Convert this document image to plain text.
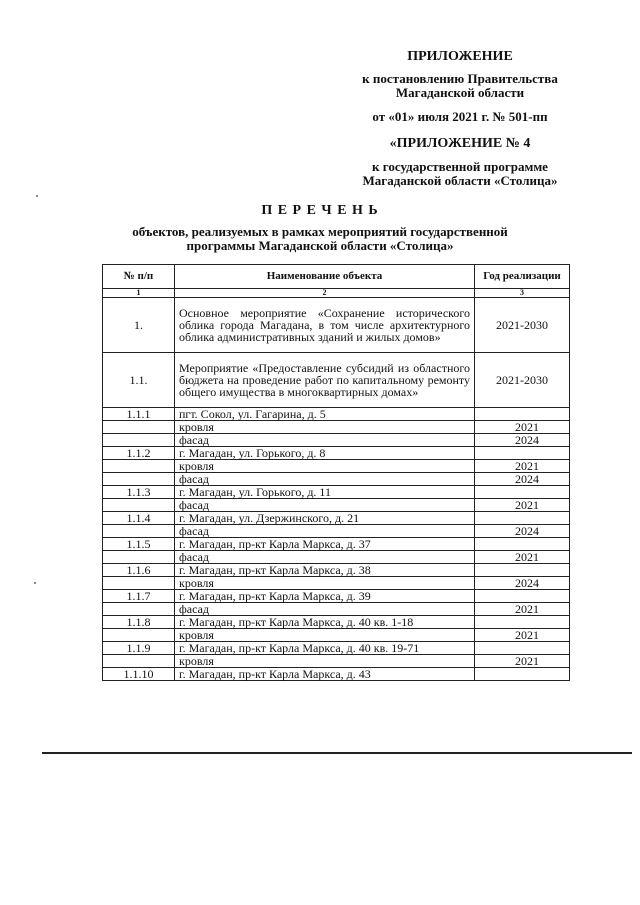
ПРИЛОЖЕНИЕ
к постановлению Правительства
Магаданской области
от «01» июля 2021 г. № 501-пп
«ПРИЛОЖЕНИЕ № 4
к государственной программе
Магаданской области «Столица»
П Е Р Е Ч Е Н Ь
объектов, реализуемых в рамках мероприятий государственной
программы Магаданской области «Столица»
№ п/п	Наименование объекта	Год реализации
1	2	3
1.	Основное мероприятие «Сохранение исторического облика города Магадана, в том числе архитектурного облика административных зданий и жилых домов»	2021-2030
1.1.	Мероприятие «Предоставление субсидий из областного бюджета на проведение работ по капитальному ремонту общего имущества в многоквартирных домах»	2021-2030
1.1.1	пгт. Сокол, ул. Гагарина, д. 5	
	кровля	2021
	фасад	2024
1.1.2	г. Магадан, ул. Горького, д. 8	
	кровля	2021
	фасад	2024
1.1.3	г. Магадан, ул. Горького, д. 11	
	фасад	2021
1.1.4	г. Магадан, ул. Дзержинского, д. 21	
	фасад	2024
1.1.5	г. Магадан, пр-кт Карла Маркса, д. 37	
	фасад	2021
1.1.6	г. Магадан, пр-кт Карла Маркса, д. 38	
	кровля	2024
1.1.7	г. Магадан, пр-кт Карла Маркса, д. 39	
	фасад	2021
1.1.8	г. Магадан, пр-кт Карла Маркса, д. 40 кв. 1-18	
	кровля	2021
1.1.9	г. Магадан, пр-кт Карла Маркса, д. 40 кв. 19-71	
	кровля	2021
1.1.10	г. Магадан, пр-кт Карла Маркса, д. 43	
